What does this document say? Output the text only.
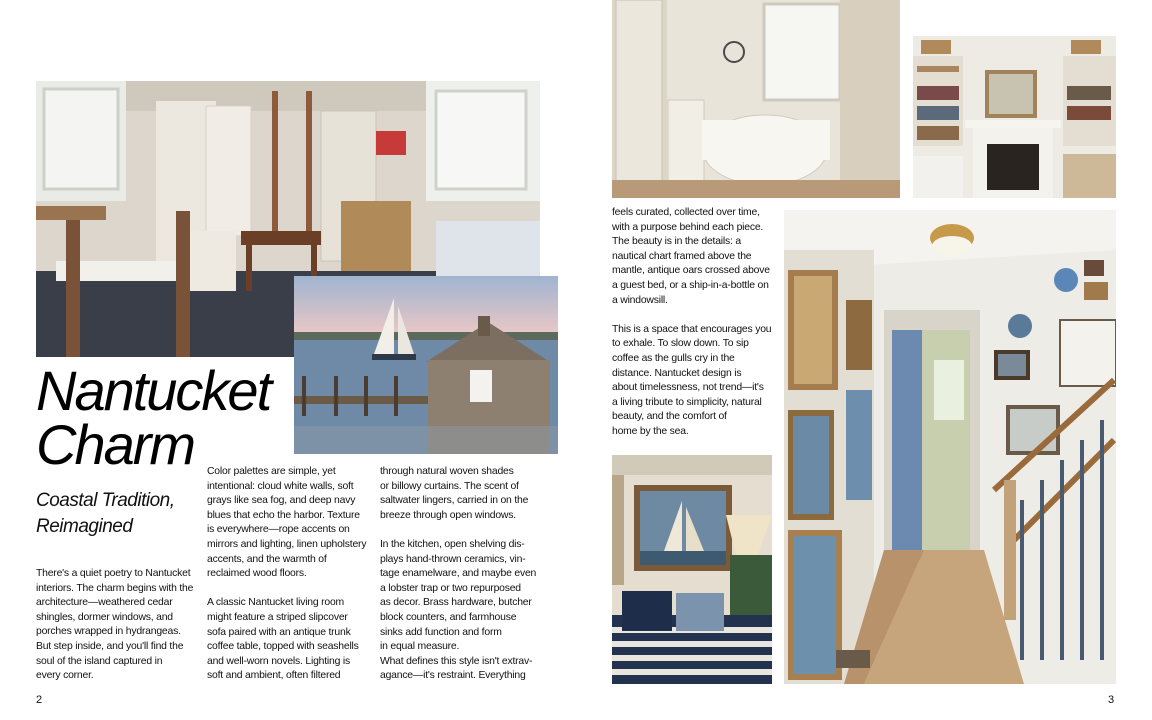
Nantucket
Charm
Coastal Tradition,
Reimagined

There's a quiet poetry to Nantucket
interiors. The charm begins with the
architecture—weathered cedar
shingles, dormer windows, and
porches wrapped in hydrangeas.
But step inside, and you'll find the
soul of the island captured in
every corner.

Color palettes are simple, yet
intentional: cloud white walls, soft
grays like sea fog, and deep navy
blues that echo the harbor. Texture
is everywhere—rope accents on
mirrors and lighting, linen upholstery
accents, and the warmth of
reclaimed wood floors.

A classic Nantucket living room
might feature a striped slipcover
sofa paired with an antique trunk
coffee table, topped with seashells
and well-worn novels. Lighting is
soft and ambient, often filtered

through natural woven shades
or billowy curtains. The scent of
saltwater lingers, carried in on the
breeze through open windows.

In the kitchen, open shelving dis-
plays hand-thrown ceramics, vin-
tage enamelware, and maybe even
a lobster trap or two repurposed
as decor. Brass hardware, butcher
block counters, and farmhouse
sinks add function and form
in equal measure.
What defines this style isn't extrav-
agance—it's restraint. Everything

2

feels curated, collected over time,
with a purpose behind each piece.
The beauty is in the details: a
nautical chart framed above the
mantle, antique oars crossed above
a guest bed, or a ship-in-a-bottle on
a windowsill.

This is a space that encourages you
to exhale. To slow down. To sip
coffee as the gulls cry in the
distance. Nantucket design is
about timelessness, not trend—it's
a living tribute to simplicity, natural
beauty, and the comfort of
home by the sea.

3
